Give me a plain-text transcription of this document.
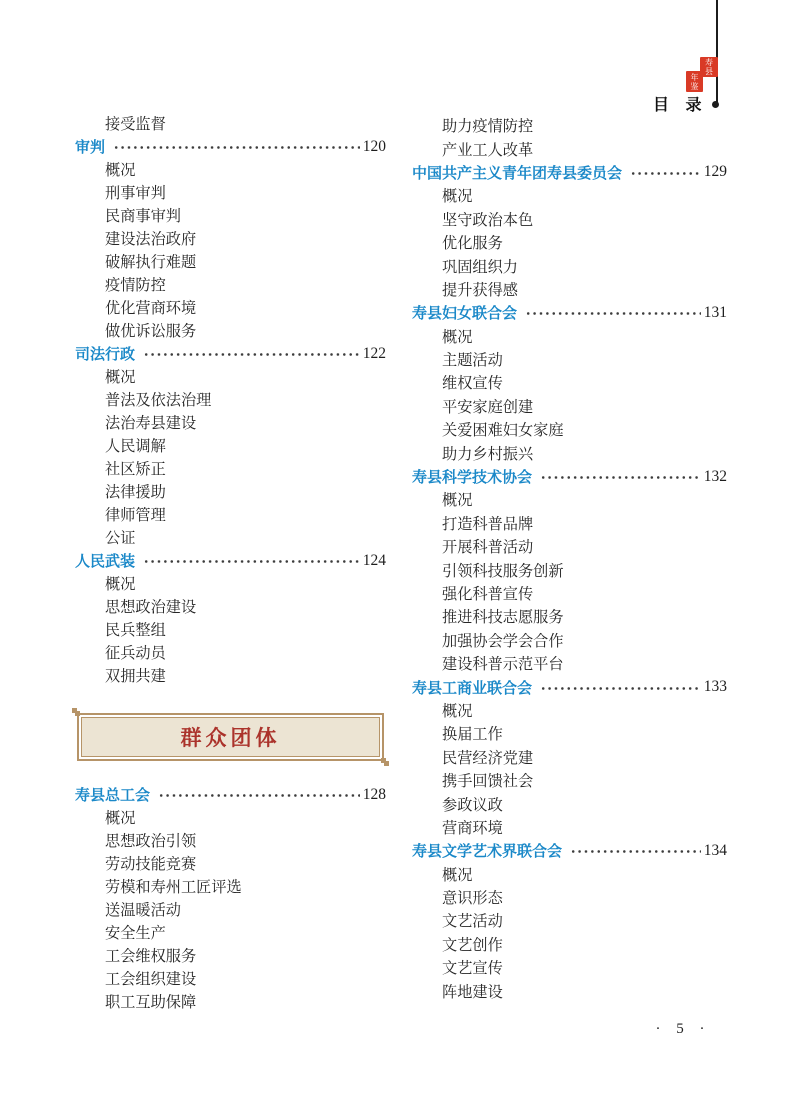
寿县
年鉴
目 录
接受监督
审判	120
概况
刑事审判
民商事审判
建设法治政府
破解执行难题
疫情防控
优化营商环境
做优诉讼服务
司法行政	122
概况
普法及依法治理
法治寿县建设
人民调解
社区矫正
法律援助
律师管理
公证
人民武装	124
概况
思想政治建设
民兵整组
征兵动员
双拥共建
群众团体
寿县总工会	128
概况
思想政治引领
劳动技能竞赛
劳模和寿州工匠评选
送温暖活动
安全生产
工会维权服务
工会组织建设
职工互助保障
助力疫情防控
产业工人改革
中国共产主义青年团寿县委员会	129
概况
坚守政治本色
优化服务
巩固组织力
提升获得感
寿县妇女联合会	131
概况
主题活动
维权宣传
平安家庭创建
关爱困难妇女家庭
助力乡村振兴
寿县科学技术协会	132
概况
打造科普品牌
开展科普活动
引领科技服务创新
强化科普宣传
推进科技志愿服务
加强协会学会合作
建设科普示范平台
寿县工商业联合会	133
概况
换届工作
民营经济党建
携手回馈社会
参政议政
营商环境
寿县文学艺术界联合会	134
概况
意识形态
文艺活动
文艺创作
文艺宣传
阵地建设
· 5 ·
